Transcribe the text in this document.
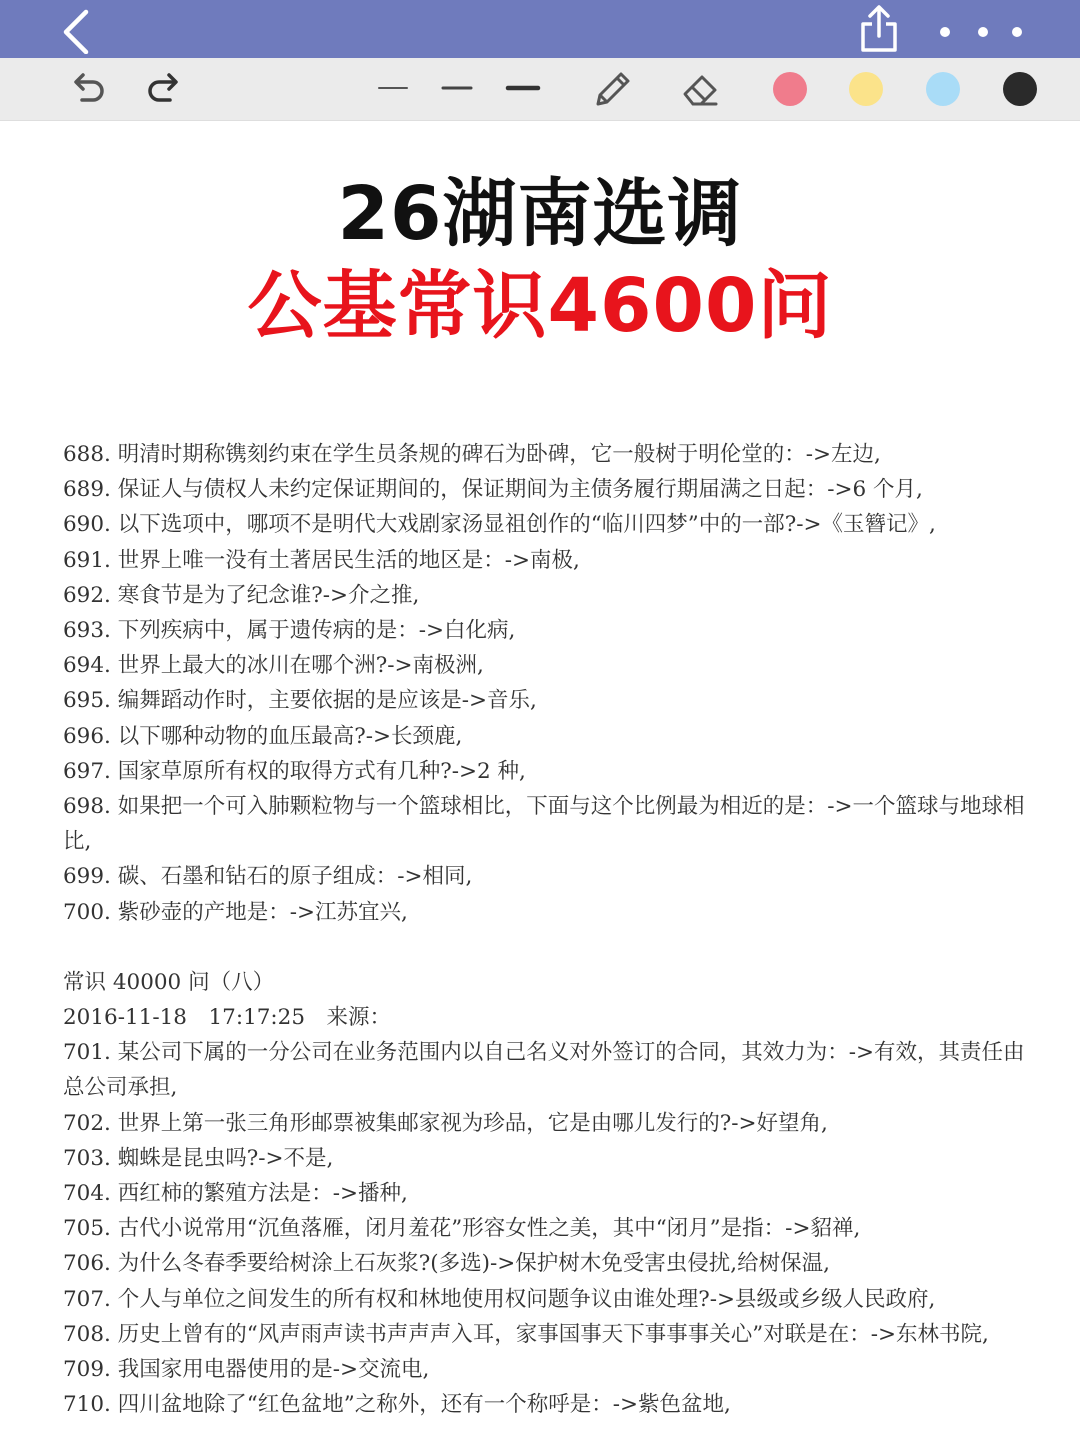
26湖南选调
公基常识4600问

688. 明清时期称镌刻约束在学生员条规的碑石为卧碑，它一般树于明伦堂的：->左边,

689. 保证人与债权人未约定保证期间的，保证期间为主债务履行期届满之日起：->6 个月,

690. 以下选项中，哪项不是明代大戏剧家汤显祖创作的“临川四梦”中的一部?->《玉簪记》,

691. 世界上唯一没有土著居民生活的地区是：->南极,

692. 寒食节是为了纪念谁?->介之推,

693. 下列疾病中，属于遗传病的是：->白化病,

694. 世界上最大的冰川在哪个洲?->南极洲,

695. 编舞蹈动作时，主要依据的是应该是->音乐,

696. 以下哪种动物的血压最高?->长颈鹿,

697. 国家草原所有权的取得方式有几种?->2 种,

698. 如果把一个可入肺颗粒物与一个篮球相比，下面与这个比例最为相近的是：->一个篮球与地球相比,

699. 碳、石墨和钻石的原子组成：->相同,

700. 紫砂壶的产地是：->江苏宜兴,

常识 40000 问（八）

2016-11-18　17:17:25　来源：

701. 某公司下属的一分公司在业务范围内以自己名义对外签订的合同，其效力为：->有效，其责任由总公司承担,

702. 世界上第一张三角形邮票被集邮家视为珍品，它是由哪儿发行的?->好望角,

703. 蜘蛛是昆虫吗?->不是,

704. 西红柿的繁殖方法是：->播种,

705. 古代小说常用“沉鱼落雁，闭月羞花”形容女性之美，其中“闭月”是指：->貂禅,

706. 为什么冬春季要给树涂上石灰浆?(多选)->保护树木免受害虫侵扰,给树保温,

707. 个人与单位之间发生的所有权和林地使用权问题争议由谁处理?->县级或乡级人民政府,

708. 历史上曾有的“风声雨声读书声声声入耳，家事国事天下事事事关心”对联是在：->东林书院,

709. 我国家用电器使用的是->交流电,

710. 四川盆地除了“红色盆地”之称外，还有一个称呼是：->紫色盆地,
